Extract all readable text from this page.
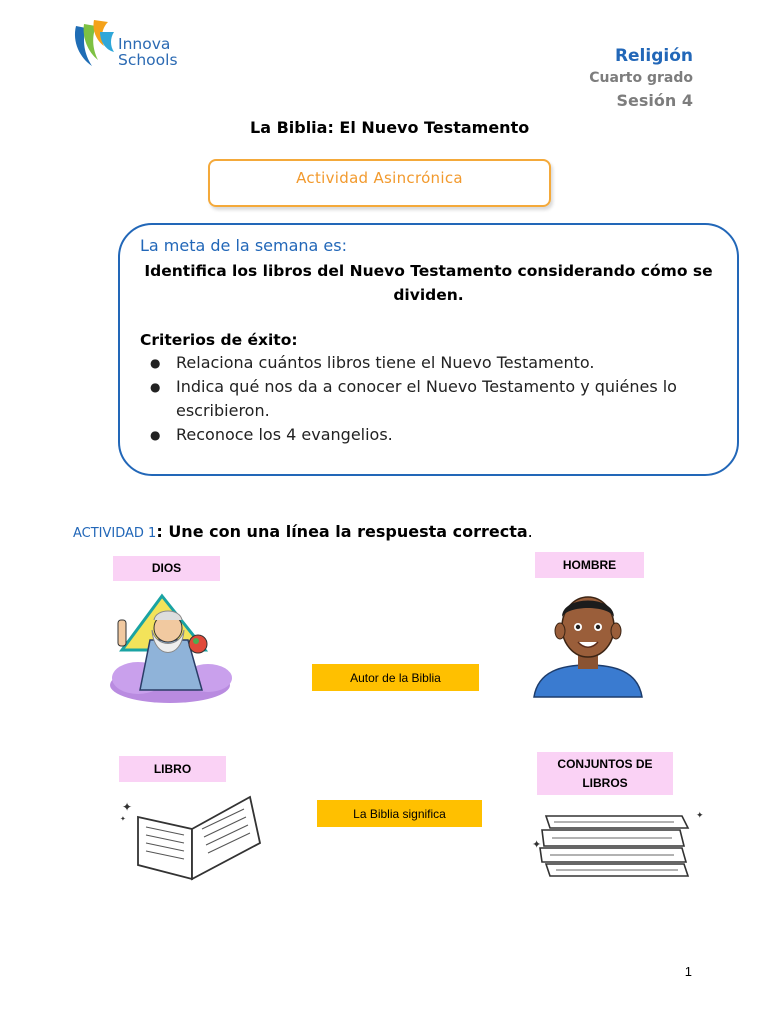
Innova
Schools	Religión
Cuarto grado
Sesión 4
La Biblia: El Nuevo Testamento
Actividad Asincrónica
La meta de la semana es:
Identifica los libros del Nuevo Testamento considerando cómo se dividen.
Criterios de éxito:
● Relaciona cuántos libros tiene el Nuevo Testamento.
● Indica qué nos da a conocer el Nuevo Testamento y quiénes lo escribieron.
● Reconoce los 4 evangelios.
ACTIVIDAD 1: Une con una línea la respuesta correcta.
DIOS	HOMBRE
LIBRO	CONJUNTOS DE LIBROS
Autor de la Biblia
La Biblia significa
✦
✦
✦
✦
1
